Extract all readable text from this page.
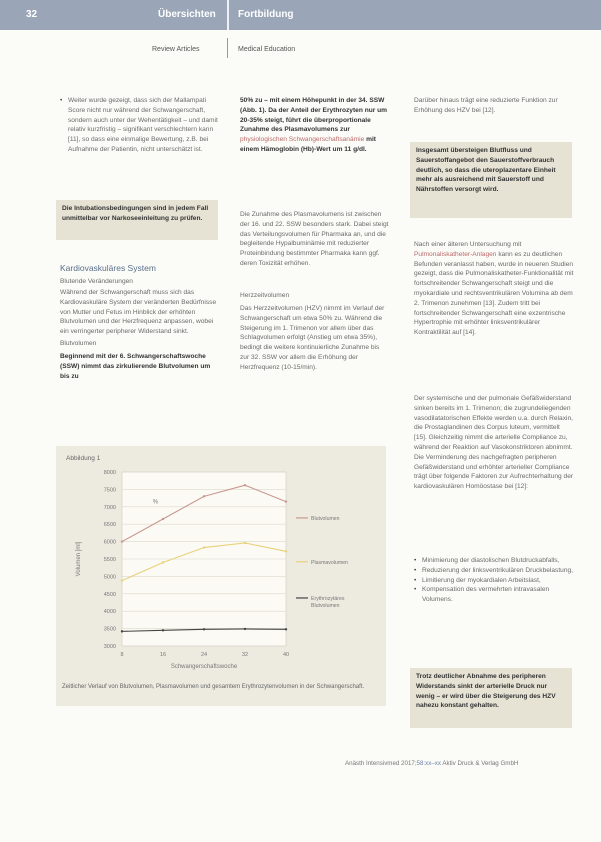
32	Übersichten Fortbildung
Review Articles	Medical Education
• Weiter wurde gezeigt, dass sich der Mallampati Score nicht nur während der Schwangerschaft, sondern auch unter der Wehentätigkeit – und damit relativ kurzfristig – signifikant verschlechtern kann [11], so dass eine einmalige Bewertung, z.B. bei Aufnahme der Patientin, nicht unterschätzt ist.
Die Intubationsbedingungen sind in jedem Fall unmittelbar vor Narkoseeinleitung zu prüfen.
Kardiovaskuläres System
Blutende Veränderungen
Während der Schwangerschaft muss sich das Kardiovaskuläre System der veränderten Bedürfnisse von Mutter und Fetus im Hinblick der erhöhten Blutvolumen und der Herzfrequenz anpassen, wobei ein verringerter peripherer Widerstand sinkt.
Blutvolumen
Beginnend mit der 6. Schwangerschaftswoche (SSW) nimmt das zirkulierende Blutvolumen um bis zu
50% zu – mit einem Höhepunkt in der 34. SSW (Abb. 1). Da der Anteil der Erythrozyten nur um 20-35% steigt, führt die überproportionale Zunahme des Plasmavolumens zur physiologischen Schwangerschaftsanämie mit einem Hämoglobin (Hb)-Wert um 11 g/dl.
Die Zunahme des Plasmavolumens ist zwischen der 16. und 22. SSW besonders stark. Dabei steigt das Verteilungsvolumen für Pharmaka an, und die begleitende Hypalbuminämie mit reduzierter Proteinbindung bestimmter Pharmaka kann ggf. deren Toxizität erhöhen.
Herzzeitvolumen
Das Herzzeitvolumen (HZV) nimmt im Verlauf der Schwangerschaft um etwa 50% zu. Während die Steigerung im 1. Trimenon vor allem über das Schlagvolumen erfolgt (Anstieg um etwa 35%), bedingt die weitere kontinuierliche Zunahme bis zur 32. SSW vor allem die Erhöhung der Herzfrequenz (10-15/min).
Darüber hinaus trägt eine reduzierte Funktion zur Erhöhung des HZV bei [12].
Insgesamt übersteigen Blutfluss und Sauerstoffangebot den Sauerstoffverbrauch deutlich, so dass die uteroplazentare Einheit mehr als ausreichend mit Sauerstoff und Nährstoffen versorgt wird.
Nach einer älteren Untersuchung mit Pulmonaliskatheter-Anlagen kann es zu deutlichen Befunden veranlasst haben, wurde in neueren Studien gezeigt, dass die Pulmonaliskatheter-Funktionalität mit fortschreitender Schwangerschaft steigt und die myokardiale und rechtsventrikulären Volumina ab dem 2. Trimenon zunehmen [13]. Zudem tritt bei fortschreitender Schwangerschaft eine exzentrische Hypertrophie mit erhöhter linksventrikulärer Kontraktilität auf [14].
Der systemische und der pulmonale Gefäßwiderstand sinken bereits im 1. Trimenon; die zugrundeliegenden vasodilatatorischen Effekte werden u.a. durch Relaxin, die Prostaglandinen des Corpus luteum, vermittelt [15]. Gleichzeitig nimmt die arterielle Compliance zu, während der Reaktion auf Vasokonstriktoren abnimmt. Die Verminderung des nachgefragten peripheren Gefäßwiderstand und erhöhter arterieller Compliance trägt über folgende Faktoren zur Aufrechterhaltung der kardiovaskulären Homöostase bei [12]:
• Minimierung der diastolischen Blutdruckabfalls,
• Reduzierung der linksventrikulären Druckbelastung,
• Limitierung der myokardialen Arbeitslast,
• Kompensation des vermehrten intravasalen Volumens.
Trotz deutlicher Abnahme des peripheren Widerstands sinkt der arterielle Druck nur wenig – er wird über die Steigerung des HZV nahezu konstant gehalten.
Abbildung 1
8000
7500
7000
6500
6000
5500
5000
4500
4000
3500
3000
8	16	24	32	40
Schwangerschaftswoche
Volumen [ml]
%
Blutvolumen
Plasmavolumen
Erythrozytäres
Blutvolumen
Zeitlicher Verlauf von Blutvolumen, Plasmavolumen und gesamtem Erythrozytenvolumen in der Schwangerschaft.
Anästh Intensivmed 2017;58:xx–xx Aktiv Druck & Verlag GmbH
